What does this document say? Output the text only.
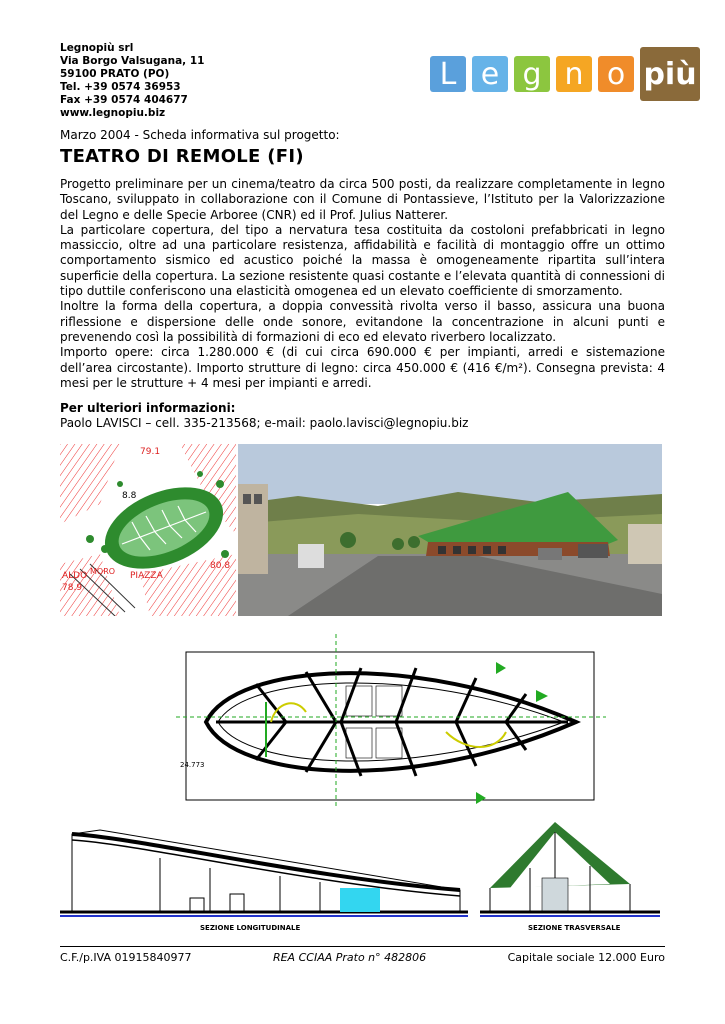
Legnopiù srl
Via Borgo Valsugana, 11
59100 PRATO (PO)
Tel. +39 0574 36953
Fax +39 0574 404677
www.legnopiu.biz
L e g n o più
Marzo 2004 - Scheda informativa sul progetto:
TEATRO DI REMOLE (FI)

Progetto preliminare per un cinema/teatro da circa 500 posti, da realizzare completamente in legno Toscano, sviluppato in collaborazione con il Comune di Pontassieve, l’Istituto per la Valorizzazione del Legno e delle Specie Arboree (CNR) ed il Prof. Julius Natterer.

La particolare copertura, del tipo a nervatura tesa costituita da costoloni prefabbricati in legno massiccio, oltre ad una particolare resistenza, affidabilità e facilità di montaggio offre un ottimo comportamento sismico ed acustico poiché la massa è omogeneamente ripartita sull’intera superficie della copertura. La sezione resistente quasi costante e l’elevata quantità di connessioni di tipo duttile conferiscono una elasticità omogenea ed un elevato coefficiente di smorzamento.

Inoltre la forma della copertura, a doppia convessità rivolta verso il basso, assicura una buona riflessione e dispersione delle onde sonore, evitandone la concentrazione in alcuni punti e prevenendo così la possibilità di formazioni di eco ed elevato riverbero localizzato.

Importo opere: circa 1.280.000 € (di cui circa 690.000 € per impianti, arredi e sistemazione dell’area circostante). Importo strutture di legno: circa 450.000 € (416 €/m²). Consegna prevista: 4 mesi per le strutture + 4 mesi per impianti e arredi.

Per ulteriori informazioni:
Paolo LAVISCI – cell. 335-213568; e-mail: paolo.lavisci@legnopiu.biz
79.1
8.8
ALDO MORO PIAZZA
78.9
80.8
24.773
SEZIONE LONGITUDINALE	SEZIONE TRASVERSALE
C.F./p.IVA 01915840977	REA CCIAA Prato n° 482806	Capitale sociale 12.000 Euro
